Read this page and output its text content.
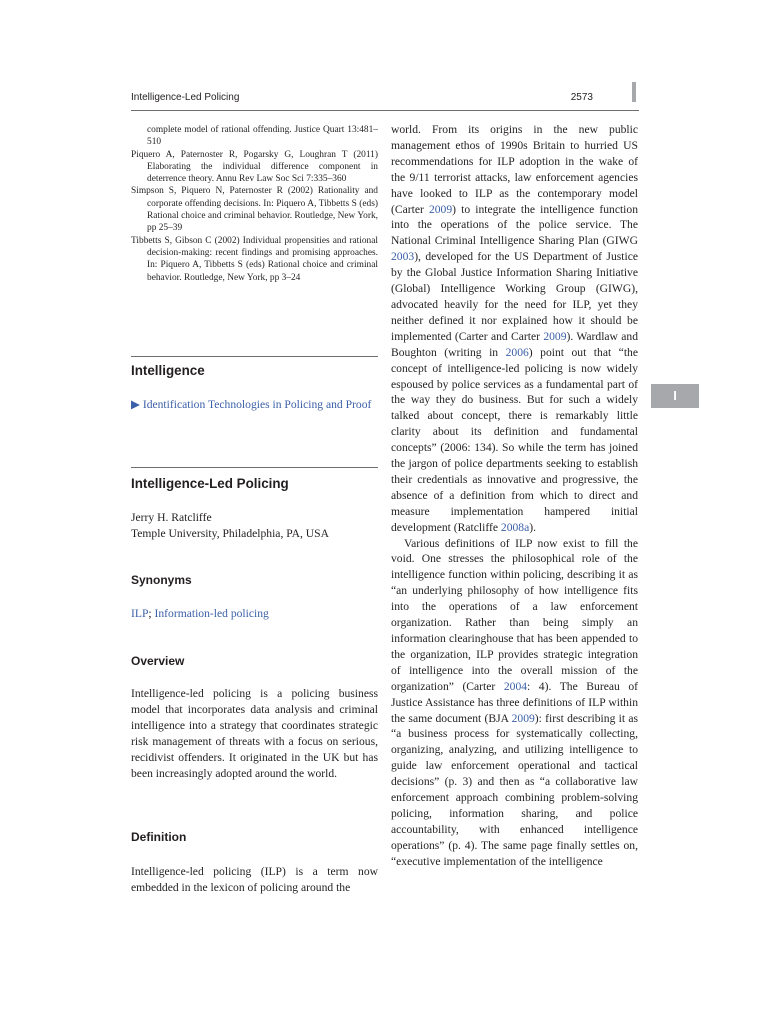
Intelligence-Led Policing	2573
I
complete model of rational offending. Justice Quart 13:481–510
Piquero A, Paternoster R, Pogarsky G, Loughran T (2011) Elaborating the individual difference component in deterrence theory. Annu Rev Law Soc Sci 7:335–360
Simpson S, Piquero N, Paternoster R (2002) Rationality and corporate offending decisions. In: Piquero A, Tibbetts S (eds) Rational choice and criminal behavior. Routledge, New York, pp 25–39
Tibbetts S, Gibson C (2002) Individual propensities and rational decision-making: recent findings and promising approaches. In: Piquero A, Tibbetts S (eds) Rational choice and criminal behavior. Routledge, New York, pp 3–24
Intelligence
▶ Identification Technologies in Policing and Proof
Intelligence-Led Policing
Jerry H. Ratcliffe
Temple University, Philadelphia, PA, USA
Synonyms
ILP; Information-led policing
Overview

Intelligence-led policing is a policing business model that incorporates data analysis and criminal intelligence into a strategy that coordinates strategic risk management of threats with a focus on serious, recidivist offenders. It originated in the UK but has been increasingly adopted around the world.

Definition

Intelligence-led policing (ILP) is a term now embedded in the lexicon of policing around the

world. From its origins in the new public management ethos of 1990s Britain to hurried US recommendations for ILP adoption in the wake of the 9/11 terrorist attacks, law enforcement agencies have looked to ILP as the contemporary model (Carter 2009) to integrate the intelligence function into the operations of the police service. The National Criminal Intelligence Sharing Plan (GIWG 2003), developed for the US Department of Justice by the Global Justice Information Sharing Initiative (Global) Intelligence Working Group (GIWG), advocated heavily for the need for ILP, yet they neither defined it nor explained how it should be implemented (Carter and Carter 2009). Wardlaw and Boughton (writing in 2006) point out that “the concept of intelligence-led policing is now widely espoused by police services as a fundamental part of the way they do business. But for such a widely talked about concept, there is remarkably little clarity about its definition and fundamental concepts” (2006: 134). So while the term has joined the jargon of police departments seeking to establish their credentials as innovative and progressive, the absence of a definition from which to direct and measure implementation hampered initial development (Ratcliffe 2008a).

Various definitions of ILP now exist to fill the void. One stresses the philosophical role of the intelligence function within policing, describing it as “an underlying philosophy of how intelligence fits into the operations of a law enforcement organization. Rather than being simply an information clearinghouse that has been appended to the organization, ILP provides strategic integration of intelligence into the overall mission of the organization” (Carter 2004: 4). The Bureau of Justice Assistance has three definitions of ILP within the same document (BJA 2009): first describing it as “a business process for systematically collecting, organizing, analyzing, and utilizing intelligence to guide law enforcement operational and tactical decisions” (p. 3) and then as “a collaborative law enforcement approach combining problem-solving policing, information sharing, and police accountability, with enhanced intelligence operations” (p. 4). The same page finally settles on, “executive implementation of the intelligence
